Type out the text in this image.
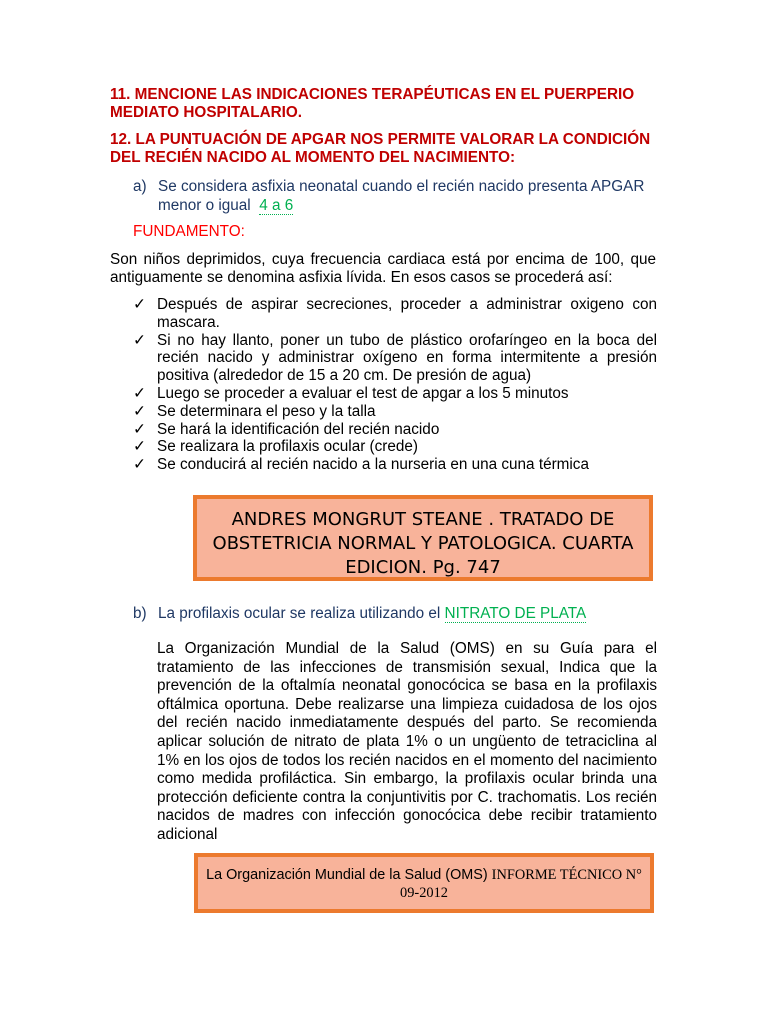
11. MENCIONE LAS INDICACIONES TERAPÉUTICAS EN EL PUERPERIO MEDIATO HOSPITALARIO.

12. LA PUNTUACIÓN DE APGAR NOS PERMITE VALORAR LA CONDICIÓN DEL RECIÉN NACIDO AL MOMENTO DEL NACIMIENTO:

a) Se considera asfixia neonatal cuando el recién nacido presenta APGAR menor o igual 4 a 6
FUNDAMENTO:

Son niños deprimidos, cuya frecuencia cardiaca está por encima de 100, que antiguamente se denomina asfixia lívida. En esos casos se procederá así:

✓ Después de aspirar secreciones, proceder a administrar oxigeno con mascara.
✓ Si no hay llanto, poner un tubo de plástico orofaríngeo en la boca del recién nacido y administrar oxígeno en forma intermitente a presión positiva (alrededor de 15 a 20 cm. De presión de agua)
✓ Luego se proceder a evaluar el test de apgar a los 5 minutos
✓ Se determinara el peso y la talla
✓ Se hará la identificación del recién nacido
✓ Se realizara la profilaxis ocular (crede)
✓ Se conducirá al recién nacido a la nurseria en una cuna térmica
ANDRES MONGRUT STEANE . TRATADO DE OBSTETRICIA NORMAL Y PATOLOGICA. CUARTA EDICION. Pg. 747
b) La profilaxis ocular se realiza utilizando el NITRATO DE PLATA

La Organización Mundial de la Salud (OMS) en su Guía para el tratamiento de las infecciones de transmisión sexual, Indica que la prevención de la oftalmía neonatal gonocócica se basa en la profilaxis oftálmica oportuna. Debe realizarse una limpieza cuidadosa de los ojos del recién nacido inmediatamente después del parto. Se recomienda aplicar solución de nitrato de plata 1% o un ungüento de tetraciclina al 1% en los ojos de todos los recién nacidos en el momento del nacimiento como medida profiláctica. Sin embargo, la profilaxis ocular brinda una protección deficiente contra la conjuntivitis por C. trachomatis. Los recién nacidos de madres con infección gonocócica debe recibir tratamiento adicional

La Organización Mundial de la Salud (OMS) INFORME TÉCNICO N° 09-2012
